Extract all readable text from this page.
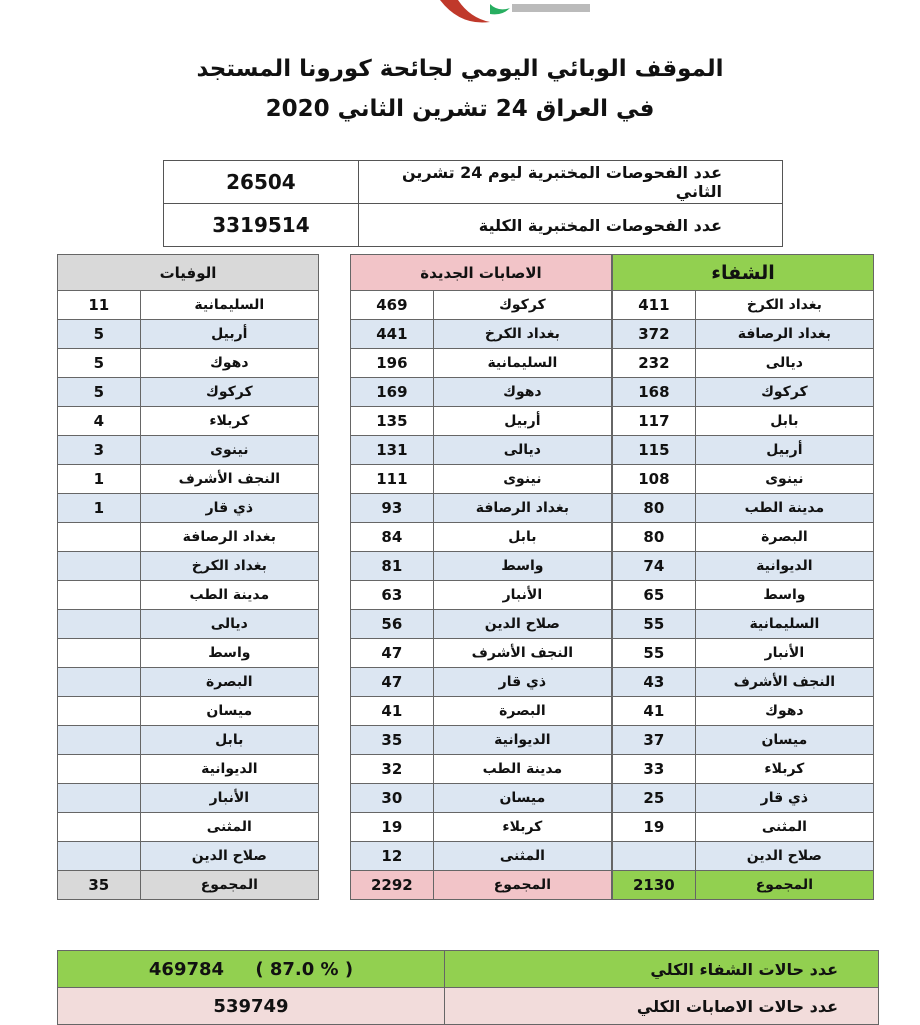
الموقف الوبائي اليومي لجائحة كورونا المستجد
في العراق 24 تشرين الثاني 2020
عدد الفحوصات المختبرية ليوم 24 تشرين الثاني	26504
عدد الفحوصات المختبرية الكلية	3319514
الشفاء	
بغداد الكرخ	411
بغداد الرصافة	372
ديالى	232
كركوك	168
بابل	117
أربيل	115
نينوى	108
مدينة الطب	80
البصرة	80
الديوانية	74
واسط	65
السليمانية	55
الأنبار	55
النجف الأشرف	43
دهوك	41
ميسان	37
كربلاء	33
ذي قار	25
المثنى	19
صلاح الدين	
المجموع	2130
الاصابات الجديدة	
كركوك	469
بغداد الكرخ	441
السليمانية	196
دهوك	169
أربيل	135
ديالى	131
نينوى	111
بغداد الرصافة	93
بابل	84
واسط	81
الأنبار	63
صلاح الدين	56
النجف الأشرف	47
ذي قار	47
البصرة	41
الديوانية	35
مدينة الطب	32
ميسان	30
كربلاء	19
المثنى	12
المجموع	2292
الوفيات	
السليمانية	11
أربيل	5
دهوك	5
كركوك	5
كربلاء	4
نينوى	3
النجف الأشرف	1
ذي قار	1
بغداد الرصافة	
بغداد الكرخ	
مدينة الطب	
ديالى	
واسط	
البصرة	
ميسان	
بابل	
الديوانية	
الأنبار	
المثنى	
صلاح الدين	
المجموع	35
عدد حالات الشفاء الكلي	( 87.0 % )     469784
عدد حالات الاصابات الكلي	539749
